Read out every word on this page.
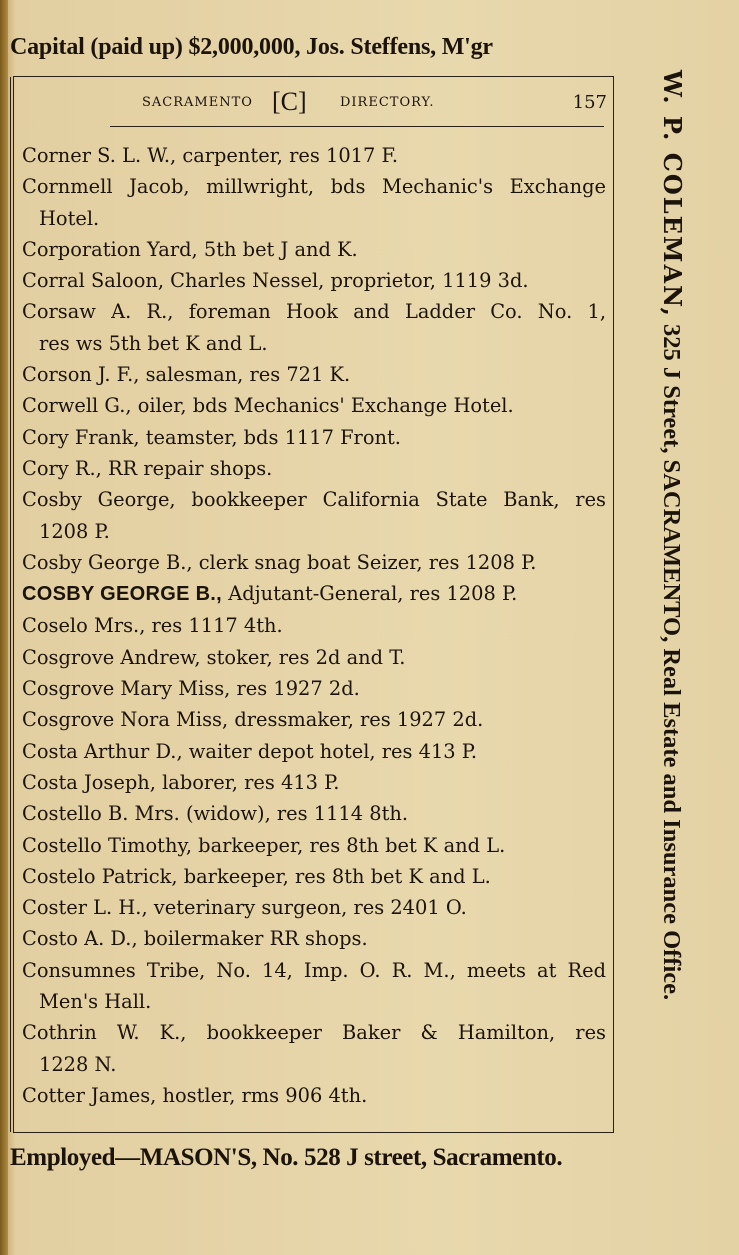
Capital (paid up) $2,000,000, Jos. Steffens, M'gr
SACRAMENTO [C]	DIRECTORY.	157
Corner S. L. W., carpenter, res 1017 F.
Cornmell Jacob, millwright, bds Mechanic's Exchange
Hotel.
Corporation Yard, 5th bet J and K.
Corral Saloon, Charles Nessel, proprietor, 1119 3d.
Corsaw A. R., foreman Hook and Ladder Co. No. 1,
res ws 5th bet K and L.
Corson J. F., salesman, res 721 K.
Corwell G., oiler, bds Mechanics' Exchange Hotel.
Cory Frank, teamster, bds 1117 Front.
Cory R., RR repair shops.
Cosby George, bookkeeper California State Bank, res
1208 P.
Cosby George B., clerk snag boat Seizer, res 1208 P.
COSBY GEORGE B., Adjutant-General, res 1208 P.
Coselo Mrs., res 1117 4th.
Cosgrove Andrew, stoker, res 2d and T.
Cosgrove Mary Miss, res 1927 2d.
Cosgrove Nora Miss, dressmaker, res 1927 2d.
Costa Arthur D., waiter depot hotel, res 413 P.
Costa Joseph, laborer, res 413 P.
Costello B. Mrs. (widow), res 1114 8th.
Costello Timothy, barkeeper, res 8th bet K and L.
Costelo Patrick, barkeeper, res 8th bet K and L.
Coster L. H., veterinary surgeon, res 2401 O.
Costo A. D., boilermaker RR shops.
Consumnes Tribe, No. 14, Imp. O. R. M., meets at Red
Men's Hall.
Cothrin W. K., bookkeeper Baker & Hamilton, res
1228 N.
Cotter James, hostler, rms 906 4th.
W. P. COLEMAN, 325 J Street, SACRAMENTO, Real Estate and Insurance Office.
Employed—MASON'S, No. 528 J street, Sacramento.
